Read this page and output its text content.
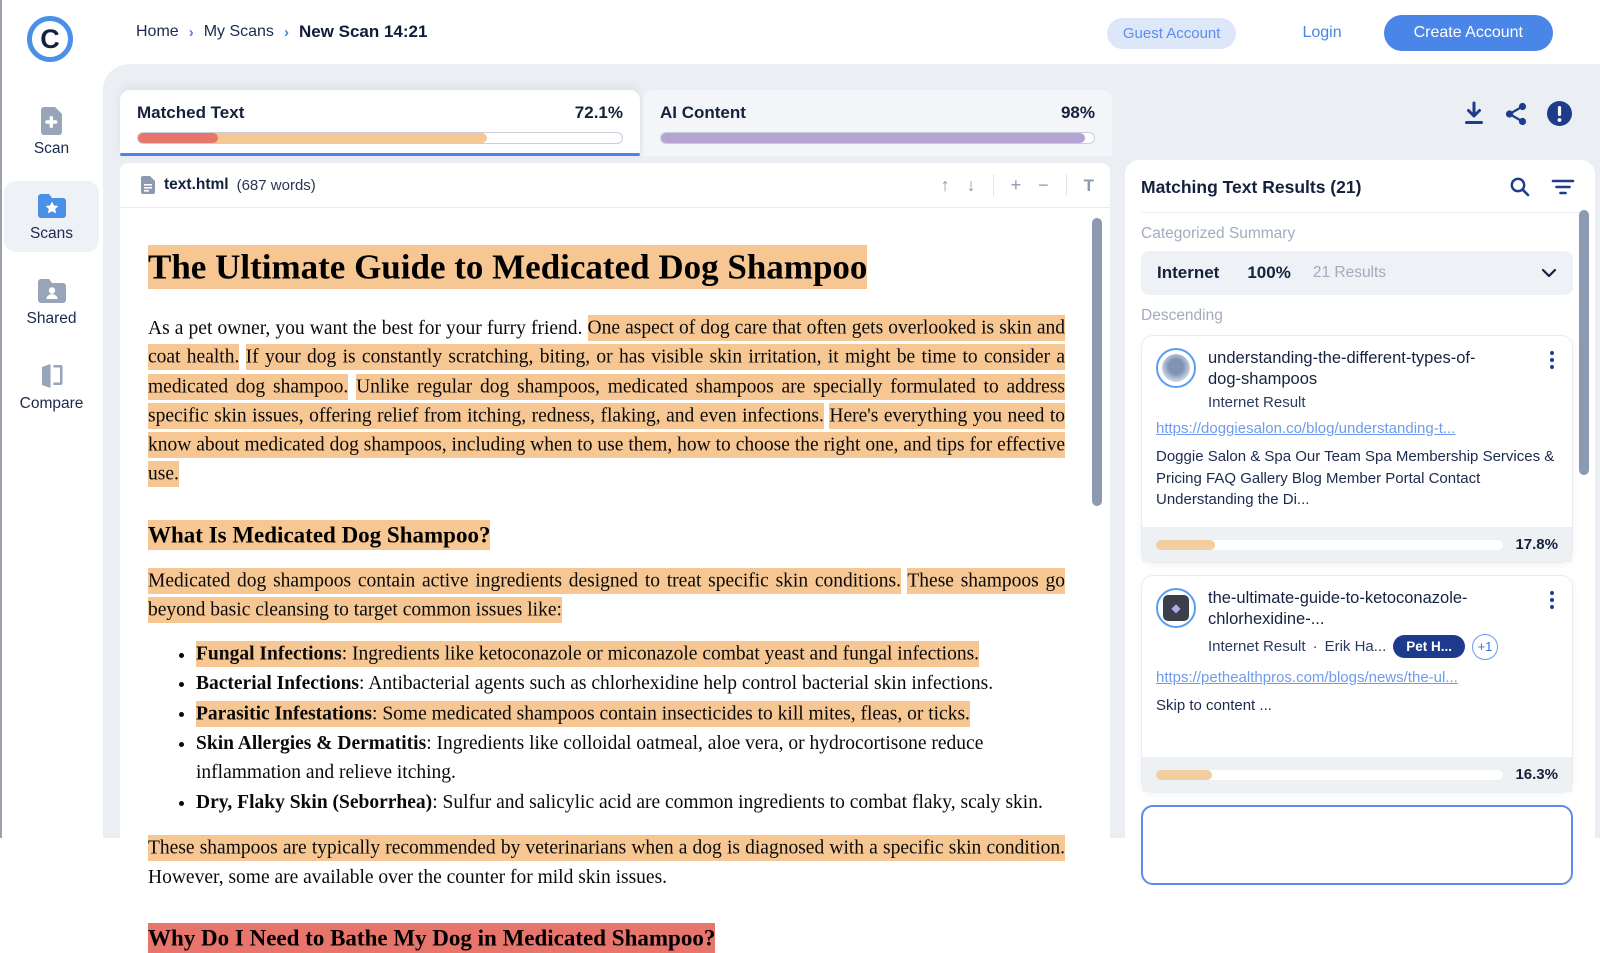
C
Scan
Scans
Shared
Compare
Home › My Scans › New Scan 14:21	Guest Account	Login	Create Account
Matched Text	72.1% AI Content	98%
text.html (687 words)	↑ ↓ + − T
The Ultimate Guide to Medicated Dog Shampoo

As a pet owner, you want the best for your furry friend. One aspect of dog care that often gets overlooked is skin and coat health. If your dog is constantly scratching, biting, or has visible skin irritation, it might be time to consider a medicated dog shampoo. Unlike regular dog shampoos, medicated shampoos are specially formulated to address specific skin issues, offering relief from itching, redness, flaking, and even infections. Here's everything you need to know about medicated dog shampoos, including when to use them, how to choose the right one, and tips for effective use.

What Is Medicated Dog Shampoo?

Medicated dog shampoos contain active ingredients designed to treat specific skin conditions. These shampoos go beyond basic cleansing to target common issues like:

• Fungal Infections: Ingredients like ketoconazole or miconazole combat yeast and fungal infections.
• Bacterial Infections: Antibacterial agents such as chlorhexidine help control bacterial skin infections.
• Parasitic Infestations: Some medicated shampoos contain insecticides to kill mites, fleas, or ticks.
• Skin Allergies & Dermatitis: Ingredients like colloidal oatmeal, aloe vera, or hydrocortisone reduce inflammation and relieve itching.
• Dry, Flaky Skin (Seborrhea): Sulfur and salicylic acid are common ingredients to combat flaky, scaly skin.

These shampoos are typically recommended by veterinarians when a dog is diagnosed with a specific skin condition. However, some are available over the counter for mild skin issues.

Why Do I Need to Bathe My Dog in Medicated Shampoo?
Matching Text Results (21)
Categorized Summary
Internet 100% 21 Results
Descending
understanding-the-different-types-of-dog-shampoos
Internet Result
https://doggiesalon.co/blog/understanding-t...
Doggie Salon & Spa Our Team Spa Membership Services & Pricing FAQ Gallery Blog Member Portal Contact Understanding the Di...
17.8%
◆
the-ultimate-guide-to-ketoconazole-chlorhexidine-...
Internet Result · Erik Ha...	Pet H...	+1
https://pethealthpros.com/blogs/news/the-ul...
Skip to content ...
16.3%
